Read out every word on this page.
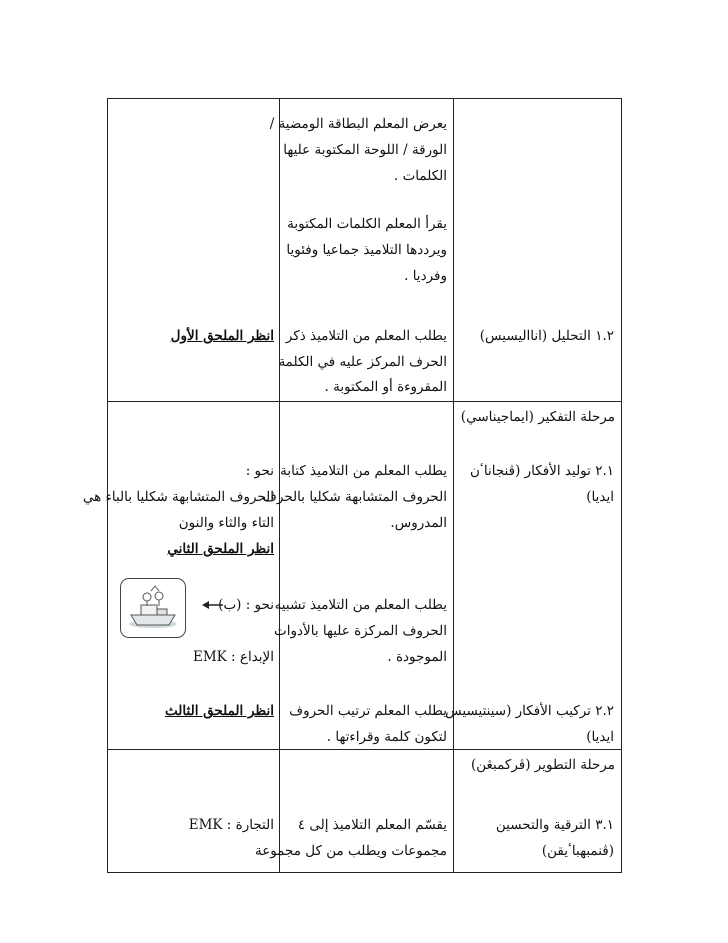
يعرض المعلم البطاقة الومضية /
الورقة / اللوحة المكتوبة عليها
الكلمات .
يقرأ المعلم الكلمات المكتوبة
ويرددها التلاميذ جماعيا وفئويا
وفرديا .
يطلب المعلم من التلاميذ ذكر
الحرف المركز عليه في الكلمة
المقروءة أو المكتوبة .
١.٢ التحليل (انااليسيس)
انظر الملحق الأول
مرحلة التفكير (ايماجيناسي)
٢.١ توليد الأفكار (ڤنجاناٴن
ايديا)
يطلب المعلم من التلاميذ كتابة
الحروف المتشابهة شكليا بالحرف
المدروس.
نحو :
الحروف المتشابهة شكليا بالباء هي
التاء والثاء والنون
انظر الملحق الثاني
يطلب المعلم من التلاميذ تشبيه
الحروف المركزة عليها بالأدوات
الموجودة .
نحو : (ب)
الإبداع : EMK
يطلب المعلم ترتيب الحروف
لتكون كلمة وقراءتها .
٢.٢ تركيب الأفكار (سينتيسيس
ايديا)
انظر الملحق الثالث
مرحلة التطوير (ڤركمبڠن)
٣.١ الترقية والتحسين
(ڤنمبهباٴيقن)
يقسّم المعلم التلاميذ إلى ٤
مجموعات ويطلب من كل مجموعة
التجارة : EMK
